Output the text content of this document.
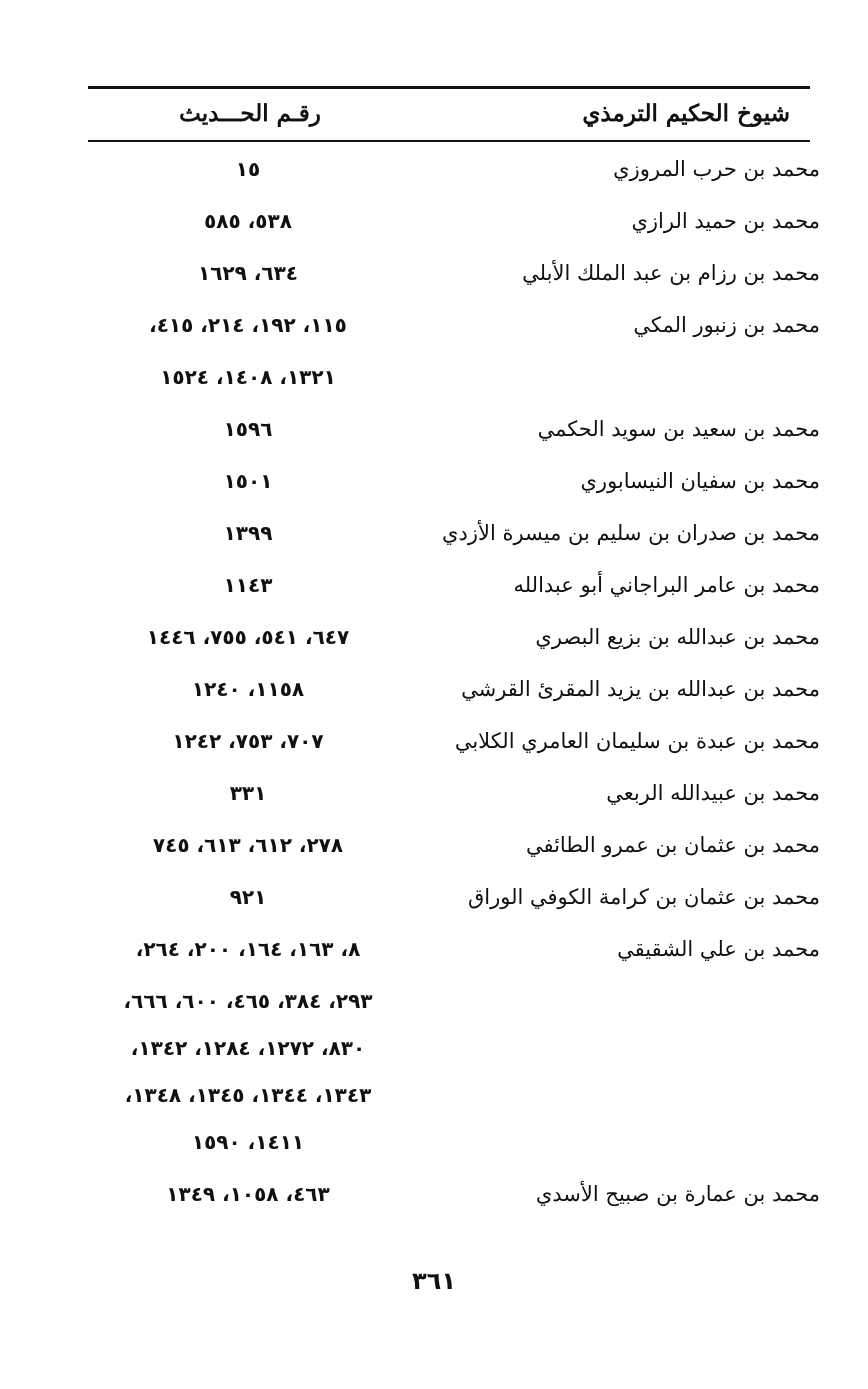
شيوخ الحكيم الترمذي
رقـم الحـــديث
محمد بن حرب المروزي
١٥
محمد بن حميد الرازي
٥٣٨، ٥٨٥
محمد بن رزام بن عبد الملك الأبلي
٦٣٤، ١٦٢٩
محمد بن زنبور المكي
١١٥، ١٩٢، ٢١٤، ٤١٥،
١٣٢١، ١٤٠٨، ١٥٢٤
محمد بن سعيد بن سويد الحكمي
١٥٩٦
محمد بن سفيان النيسابوري
١٥٠١
محمد بن صدران بن سليم بن ميسرة الأزدي
١٣٩٩
محمد بن عامر البراجاني أبو عبدالله
١١٤٣
محمد بن عبدالله بن بزيع البصري
٦٤٧، ٥٤١، ٧٥٥، ١٤٤٦
محمد بن عبدالله بن يزيد المقرئ القرشي
١١٥٨، ١٢٤٠
محمد بن عبدة بن سليمان العامري الكلابي
٧٠٧، ٧٥٣، ١٢٤٢
محمد بن عبيدالله الربعي
٣٣١
محمد بن عثمان بن عمرو الطائفي
٢٧٨، ٦١٢، ٦١٣، ٧٤٥
محمد بن عثمان بن كرامة الكوفي الوراق
٩٢١
محمد بن علي الشقيقي
٨، ١٦٣، ١٦٤، ٢٠٠، ٢٦٤،
٢٩٣، ٣٨٤، ٤٦٥، ٦٠٠، ٦٦٦،
٨٣٠، ١٢٧٢، ١٢٨٤، ١٣٤٢،
١٣٤٣، ١٣٤٤، ١٣٤٥، ١٣٤٨،
١٤١١، ١٥٩٠
محمد بن عمارة بن صبيح الأسدي
٤٦٣، ١٠٥٨، ١٣٤٩
٣٦١
